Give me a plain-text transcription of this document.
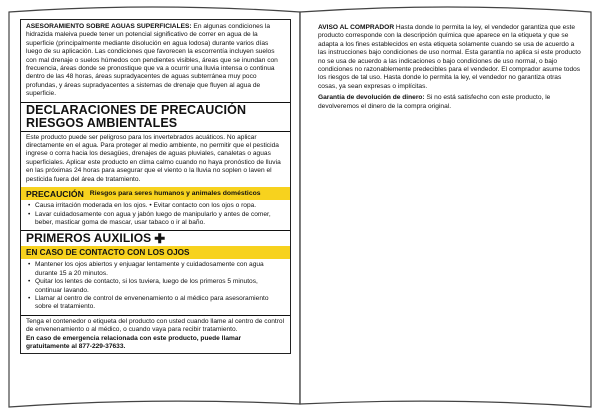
ASESORAMIENTO SOBRE AGUAS SUPERFICIALES: En algunas condiciones la hidrazida maleiva puede tener un potencial significativo de correr en agua de la superficie (principalmente mediante disolución en agua lodosa) durante varios días luego de su aplicación. Las condiciones que favorecen la escorrentía incluyen suelos con mal drenaje o suelos húmedos con pendientes visibles, áreas que se inundan con frecuencia, áreas donde se pronostique que va a ocurrir una lluvia intensa o continua dentro de las 48 horas, áreas supradyacentes de aguas subterránea muy poco profundas, y áreas supradyacentes a sistemas de drenaje que fluyen al agua de superficie.

DECLARACIONES DE PRECAUCIÓN
RIESGOS AMBIENTALES

Este producto puede ser peligroso para los invertebrados acuáticos. No aplicar directamente en el agua. Para proteger al medio ambiente, no permitir que el pesticida ingrese o corra hacia los desagües, drenajes de aguas pluviales, canaletas o aguas superficiales. Aplicar este producto en clima calmo cuando no haya pronóstico de lluvia en las próximas 24 horas para asegurar que el viento o la lluvia no soplen o laven el pesticida fuera del área de tratamiento.

PRECAUCIÓN Riesgos para seres humanos y animales domésticos
• Causa irritación moderada en los ojos. • Evitar contacto con los ojos o ropa.
• Lavar cuidadosamente con agua y jabón luego de manipularlo y antes de comer, beber, masticar goma de mascar, usar tabaco o ir al baño.
PRIMEROS AUXILIOS ✚
EN CASO DE CONTACTO CON LOS OJOS
• Mantener los ojos abiertos y enjuagar lentamente y cuidadosamente con agua durante 15 a 20 minutos.
• Quitar los lentes de contacto, si los tuviera, luego de los primeros 5 minutos, continuar lavando.
• Llamar al centro de control de envenenamiento o al médico para asesoramiento sobre el tratamiento.

Tenga el contenedor o etiqueta del producto con usted cuando llame al centro de control de envenenamiento o al médico, o cuando vaya para recibir tratamiento.

En caso de emergencia relacionada con este producto, puede llamar gratuitamente al 877-229-37633.

AVISO AL COMPRADOR Hasta donde lo permita la ley, el vendedor garantiza que este producto corresponde con la descripción química que aparece en la etiqueta y que se adapta a los fines establecidos en esta etiqueta solamente cuando se usa de acuerdo a las instrucciones bajo condiciones de uso normal. Esta garantía no aplica si este producto no se usa de acuerdo a las indicaciones o bajo condiciones de uso normal, o bajo condiciones no razonablemente predecibles para el vendedor. El comprador asume todos los riesgos de tal uso. Hasta donde lo permita la ley, el vendedor no garantiza otras cosas, ya sean expresas o implícitas.

Garantía de devolución de dinero: Si no está satisfecho con este producto, le devolveremos el dinero de la compra original.
